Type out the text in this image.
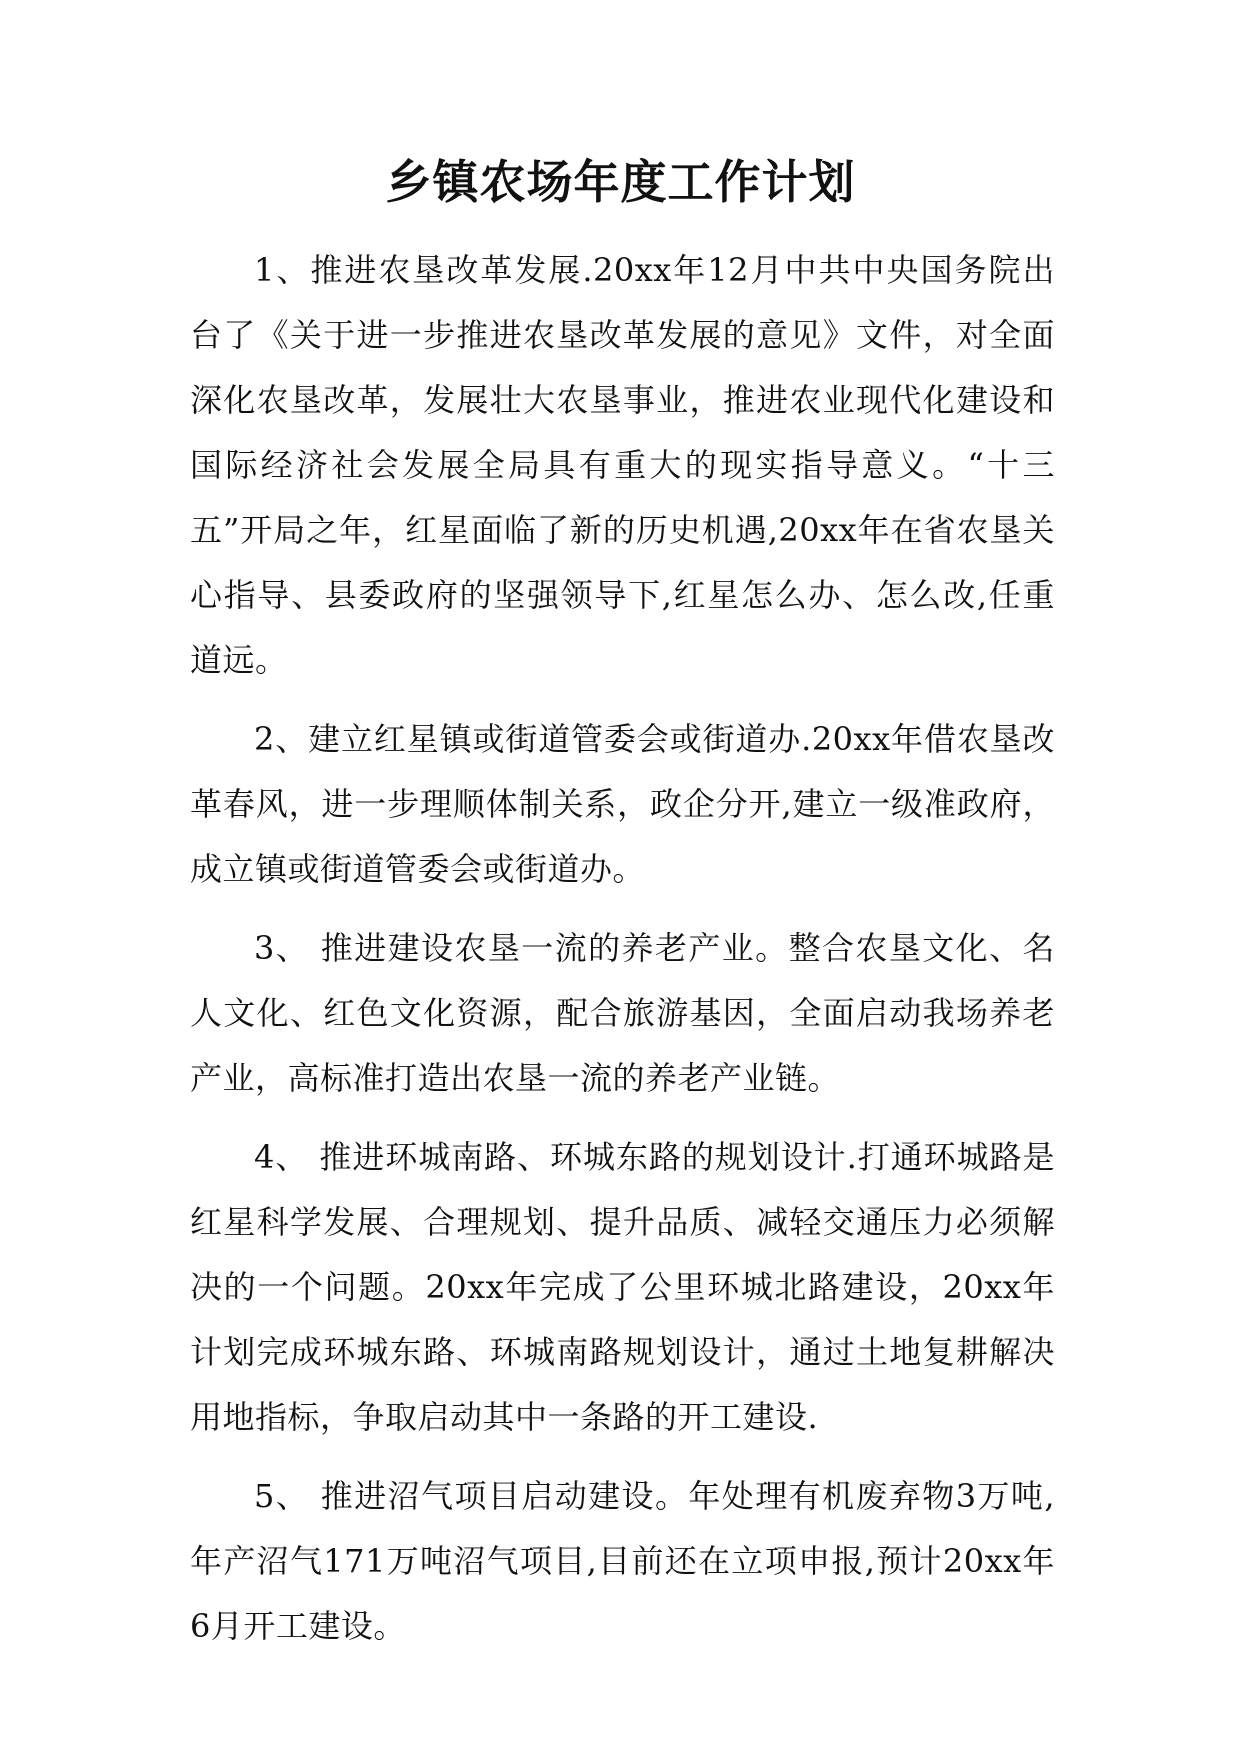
乡镇农场年度工作计划

1、推进农垦改革发展.20xx年12月中共中央国务院出台了《关于进一步推进农垦改革发展的意见》文件，对全面深化农垦改革，发展壮大农垦事业，推进农业现代化建设和国际经济社会发展全局具有重大的现实指导意义。“十三五”开局之年，红星面临了新的历史机遇,20xx年在省农垦关心指导、县委政府的坚强领导下,红星怎么办、怎么改,任重道远。

2、建立红星镇或街道管委会或街道办.20xx年借农垦改革春风，进一步理顺体制关系，政企分开,建立一级准政府，成立镇或街道管委会或街道办。

3、 推进建设农垦一流的养老产业。整合农垦文化、名人文化、红色文化资源，配合旅游基因，全面启动我场养老产业，高标准打造出农垦一流的养老产业链。

4、 推进环城南路、环城东路的规划设计.打通环城路是红星科学发展、合理规划、提升品质、减轻交通压力必须解决的一个问题。20xx年完成了公里环城北路建设，20xx年计划完成环城东路、环城南路规划设计，通过土地复耕解决用地指标，争取启动其中一条路的开工建设.

5、 推进沼气项目启动建设。年处理有机废弃物3万吨,年产沼气171万吨沼气项目,目前还在立项申报,预计20xx年6月开工建设。
